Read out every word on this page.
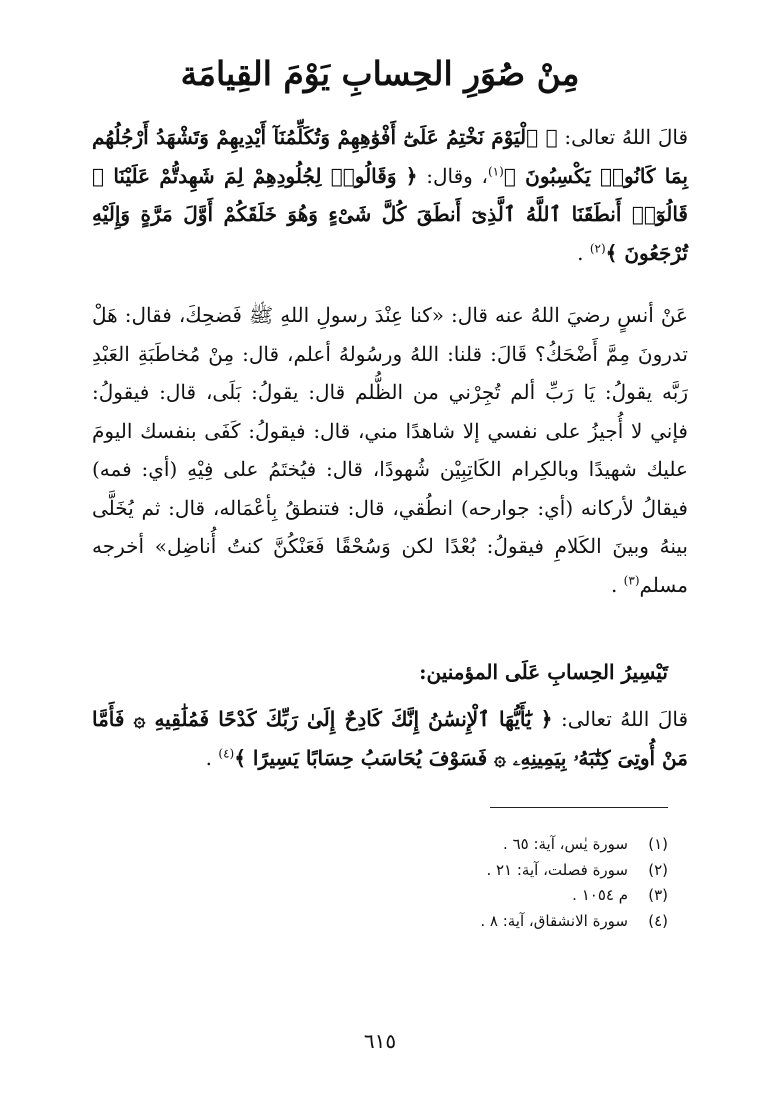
مِنْ صُوَرِ الحِسابِ يَوْمَ القِيامَة

قالَ اللهُ تعالى: ﴿ ٱلْيَوْمَ نَخْتِمُ عَلَىٰٓ أَفْوَٰهِهِمْ وَتُكَلِّمُنَآ أَيْدِيهِمْ وَتَشْهَدُ أَرْجُلُهُم بِمَا كَانُوا۟ يَكْسِبُونَ ﴾$^{(١)}$، وقال: ﴿ وَقَالُوا۟ لِجُلُودِهِمْ لِمَ شَهِدتُّمْ عَلَيْنَا ۖ قَالُوٓا۟ أَنطَقَنَا ٱللَّهُ ٱلَّذِىٓ أَنطَقَ كُلَّ شَىْءٍ وَهُوَ خَلَقَكُمْ أَوَّلَ مَرَّةٍ وَإِلَيْهِ تُرْجَعُونَ ﴾$^{(٢)}$ .

عَنْ أنسٍ رضيَ اللهُ عنه قال: «كنا عِنْدَ رسولِ اللهِ ﷺ فَضحِكَ، فقال: هَلْ تدرونَ مِمَّ أَضْحَكُ؟ قَالَ: قلنا: اللهُ ورسُولهُ أعلم، قال: مِنْ مُخاطَبَةِ العَبْدِ رَبَّه يقولُ: يَا رَبِّ ألم تُجِرْني من الظُّلم قال: يقولُ: بَلَى، قال: فيقولُ: فإني لا أُجيزُ على نفسي إلا شاهدًا مني، قال: فيقولُ: كَفَى بنفسك اليومَ عليك شهيدًا وبالكِرام الكَاتِبِيْن شُهودًا، قال: فيُختَمُ على فِيْهِ (أي: فمه) فيقالُ لأركانه (أي: جوارحه) انطُقي، قال: فتنطقُ بِأعْمَاله، قال: ثم يُخَلَّى بينهُ وبينَ الكَلامِ فيقولُ: بُعْدًا لكن وَسُحْقًا فَعَنْكُنَّ كنتُ أُناضِل» أخرجه مسلم$^{(٣)}$ .

تَيْسِيرُ الحِسابِ عَلَى المؤمنين:

قالَ اللهُ تعالى: ﴿ يَٰٓأَيُّهَا ٱلْإِنسَٰنُ إِنَّكَ كَادِحٌ إِلَىٰ رَبِّكَ كَدْحًا فَمُلَٰقِيهِ ۞ فَأَمَّا مَنْ أُوتِىَ كِتَٰبَهُۥ بِيَمِينِهِۦ ۞ فَسَوْفَ يُحَاسَبُ حِسَابًا يَسِيرًا ﴾$^{(٤)}$ .

(١)
سورة يٰس، آية: ٦٥ .
(٢)
سورة فصلت، آية: ٢١ .
(٣)
م ١٠٥٤ .
(٤)
سورة الانشقاق، آية: ٨ .
٦١٥
